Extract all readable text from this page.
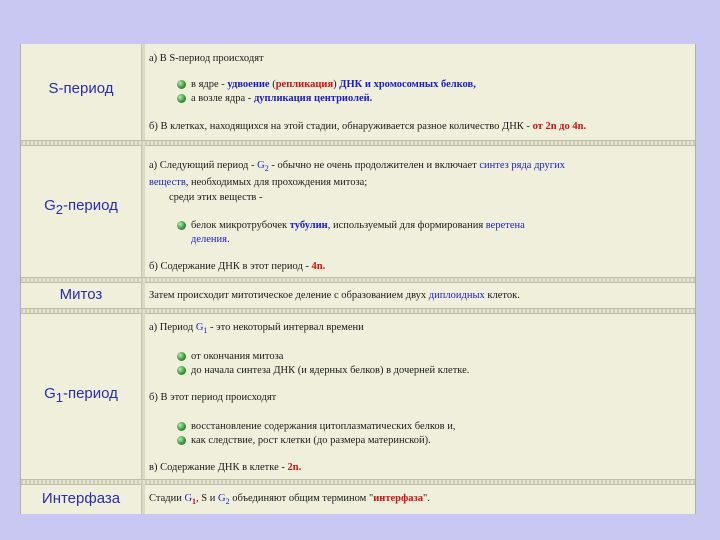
S-период
а) В S-период происходят
в ядре - удвоение (репликация) ДНК и хромосомных белков,
а возле ядра - дупликация центриолей.
б) В клетках, находящихся на этой стадии, обнаруживается разное количество ДНК - от 2n до 4n.
$G_2$-период
а) Следующий период - $G_2$ - обычно не очень продолжителен и включает синтез ряда других
веществ, необходимых для прохождения митоза;
среди этих веществ -
белок микротрубочек тубулин, используемый для формирования веретена
деления.
б) Содержание ДНК в этот период - 4n.
Митоз	Затем происходит митотическое деление с образованием двух диплоидных клеток.
$G_1$-период
а) Период $G_1$ - это некоторый интервал времени
от окончания митоза
до начала синтеза ДНК (и ядерных белков) в дочерней клетке.
б) В этот период происходят
восстановление содержания цитоплазматических белков и,
как следствие, рост клетки (до размера материнской).
в) Содержание ДНК в клетке - 2n.
Интерфаза	Стадии $G_1$, S и $G_2$ объединяют общим термином "интерфаза".
